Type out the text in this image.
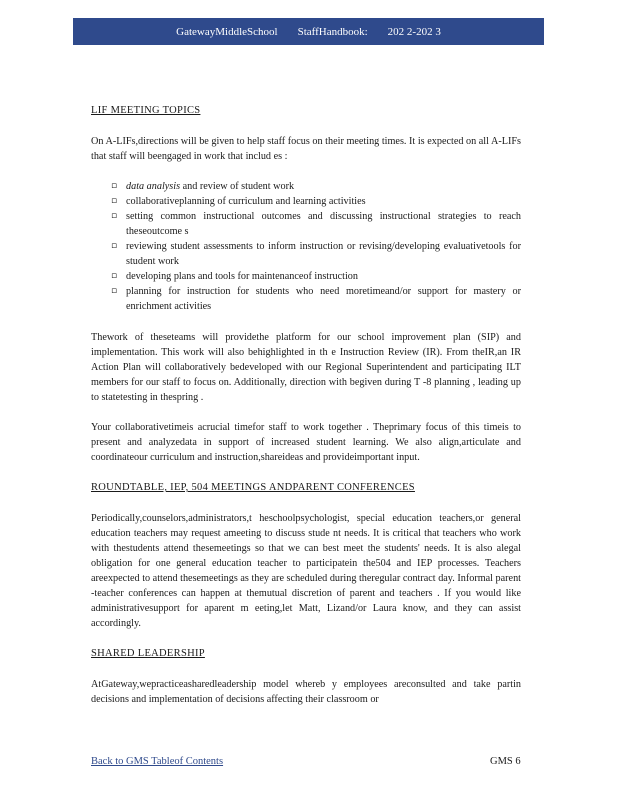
GatewayMiddleSchool StaffHandbook: 202 2-202 3
LIF MEETING TOPICS

On A-LIFs,directions will be given to help staff focus on their meeting times. It is expected on all A-LIFs that staff will beengaged in work that includ es :

▫ data analysis and review of student work
▫ collaborativeplanning of curriculum and learning activities
▫ setting common instructional outcomes and discussing instructional strategies to reach theseoutcome s
▫ reviewing student assessments to inform instruction or revising/developing evaluativetools for student work
▫ developing plans and tools for maintenanceof instruction
▫ planning for instruction for students who need moretimeand/or support for mastery or enrichment activities

Thework of theseteams will providethe platform for our school improvement plan (SIP) and implementation. This work will also behighlighted in th e Instruction Review (IR). From theIR,an IR Action Plan will collaboratively bedeveloped with our Regional Superintendent and participating ILT members for our staff to focus on. Additionally, direction with begiven during T -8 planning , leading up to statetesting in thespring .

Your collaborativetimeis acrucial timefor staff to work together . Theprimary focus of this timeis to present and analyzedata in support of increased student learning. We also align,articulate and coordinateour curriculum and instruction,shareideas and provideimportant input.

ROUNDTABLE, IEP, 504 MEETINGS ANDPARENT CONFERENCES

Periodically,counselors,administrators,t heschoolpsychologist, special education teachers,or general education teachers may request ameeting to discuss stude nt needs. It is critical that teachers who work with thestudents attend thesemeetings so that we can best meet the students' needs. It is also alegal obligation for one general education teacher to participatein the504 and IEP processes. Teachers areexpected to attend thesemeetings as they are scheduled during theregular contract day. Informal parent -teacher conferences can happen at themutual discretion of parent and teachers . If you would like administrativesupport for aparent m eeting,let Matt, Lizand/or Laura know, and they can assist accordingly.

SHARED LEADERSHIP

AtGateway,wepracticeasharedleadership model whereb y employees areconsulted and take partin decisions and implementation of decisions affecting their classroom or

Back to GMS Tableof Contents	GMS 6
